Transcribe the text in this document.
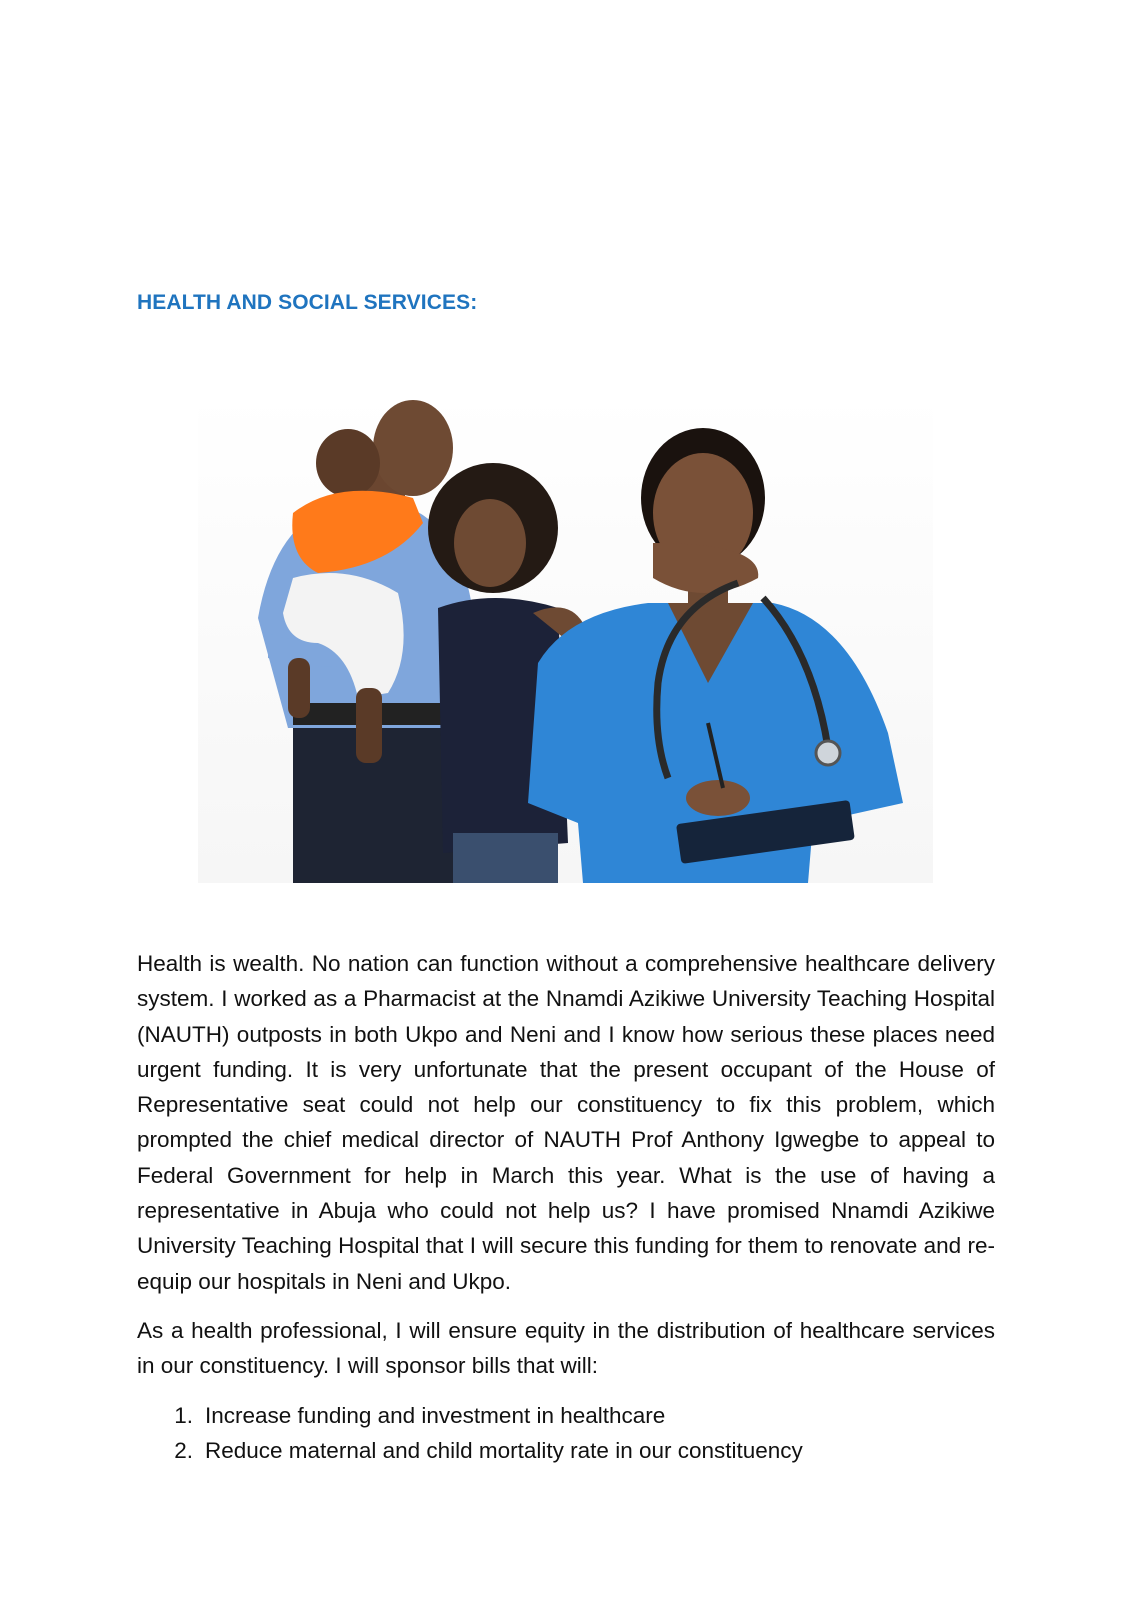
HEALTH AND SOCIAL SERVICES:

Health is wealth. No nation can function without a comprehensive healthcare delivery system. I worked as a Pharmacist at the Nnamdi Azikiwe University Teaching Hospital (NAUTH) outposts in both Ukpo and Neni and I know how serious these places need urgent funding. It is very unfortunate that the present occupant of the House of Representative seat could not help our constituency to fix this problem, which prompted the chief medical director of NAUTH Prof Anthony Igwegbe to appeal to Federal Government for help in March this year. What is the use of having a representative in Abuja who could not help us? I have promised Nnamdi Azikiwe University Teaching Hospital that I will secure this funding for them to renovate and re-equip our hospitals in Neni and Ukpo.

As a health professional, I will ensure equity in the distribution of healthcare services in our constituency. I will sponsor bills that will:

1. Increase funding and investment in healthcare
2. Reduce maternal and child mortality rate in our constituency
